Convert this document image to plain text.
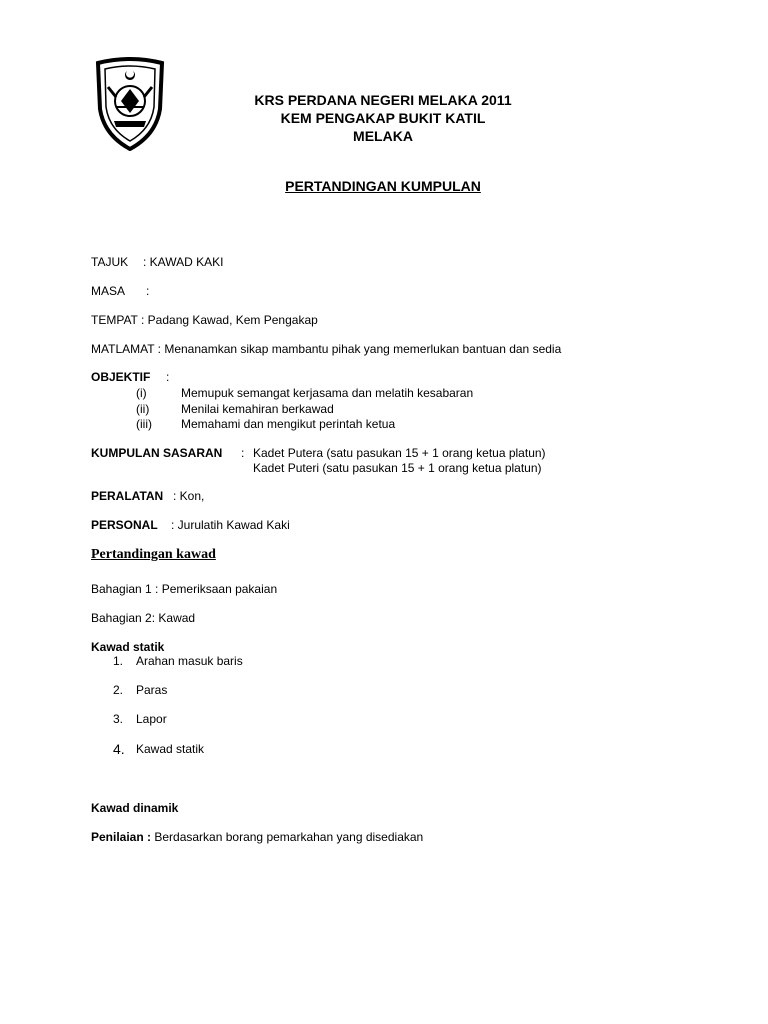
KRS PERDANA NEGERI MELAKA 2011
KEM PENGAKAP BUKIT KATIL
MELAKA
PERTANDINGAN KUMPULAN
TAJUK : KAWAD KAKI
MASA :
TEMPAT : Padang Kawad, Kem Pengakap
MATLAMAT : Menanamkan sikap mambantu pihak yang memerlukan bantuan dan sedia
OBJEKTIF :
(i)	Memupuk semangat kerjasama dan melatih kesabaran
(ii)	Menilai kemahiran berkawad
(iii) Memahami dan mengikut perintah ketua
KUMPULAN SASARAN : Kadet Putera (satu pasukan 15 + 1 orang ketua platun)
Kadet Puteri (satu pasukan 15 + 1 orang ketua platun)
PERALATAN : Kon,
PERSONAL : Jurulatih Kawad Kaki
Pertandingan kawad
Bahagian 1 : Pemeriksaan pakaian
Bahagian 2: Kawad
Kawad statik
1. Arahan masuk baris
2. Paras
3. Lapor
4. Kawad statik
Kawad dinamik
Penilaian : Berdasarkan borang pemarkahan yang disediakan
